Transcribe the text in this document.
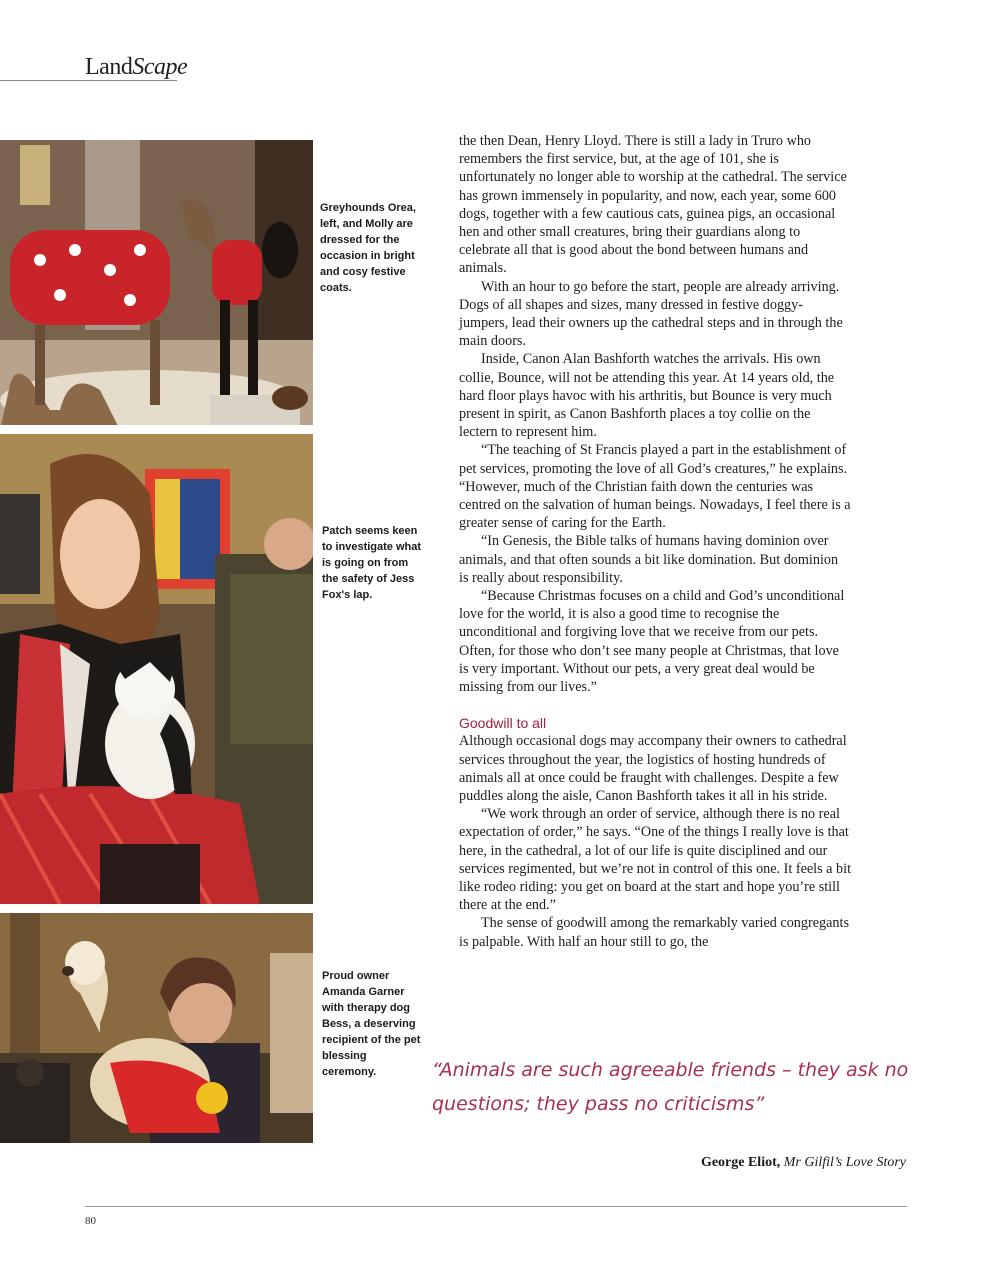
LandScape
Greyhounds Orea, left, and Molly are dressed for the occasion in bright and cosy festive coats.
Patch seems keen to investigate what is going on from the safety of Jess Fox's lap.
Proud owner Amanda Garner with therapy dog Bess, a deserving recipient of the pet blessing ceremony.

the then Dean, Henry Lloyd. There is still a lady in Truro who remembers the first service, but, at the age of 101, she is unfortunately no longer able to worship at the cathedral. The service has grown immensely in popularity, and now, each year, some 600 dogs, together with a few cautious cats, guinea pigs, an occasional hen and other small creatures, bring their guardians along to celebrate all that is good about the bond between humans and animals.

With an hour to go before the start, people are already arriving. Dogs of all shapes and sizes, many dressed in festive doggy-jumpers, lead their owners up the cathedral steps and in through the main doors.

Inside, Canon Alan Bashforth watches the arrivals. His own collie, Bounce, will not be attending this year. At 14 years old, the hard floor plays havoc with his arthritis, but Bounce is very much present in spirit, as Canon Bashforth places a toy collie on the lectern to represent him.

“The teaching of St Francis played a part in the establishment of pet services, promoting the love of all God’s creatures,” he explains. “However, much of the Christian faith down the centuries was centred on the salvation of human beings. Nowadays, I feel there is a greater sense of caring for the Earth.

“In Genesis, the Bible talks of humans having dominion over animals, and that often sounds a bit like domination. But dominion is really about responsibility.

“Because Christmas focuses on a child and God’s unconditional love for the world, it is also a good time to recognise the unconditional and forgiving love that we receive from our pets. Often, for those who don’t see many people at Christmas, that love is very important. Without our pets, a very great deal would be missing from our lives.”

Goodwill to all

Although occasional dogs may accompany their owners to cathedral services throughout the year, the logistics of hosting hundreds of animals all at once could be fraught with challenges. Despite a few puddles along the aisle, Canon Bashforth takes it all in his stride.

“We work through an order of service, although there is no real expectation of order,” he says. “One of the things I really love is that here, in the cathedral, a lot of our life is quite disciplined and our services regimented, but we’re not in control of this one. It feels a bit like rodeo riding: you get on board at the start and hope you’re still there at the end.”

The sense of goodwill among the remarkably varied congregants is palpable. With half an hour still to go, the

“Animals are such agreeable friends – they ask no questions; they pass no criticisms”
George Eliot, Mr Gilfil’s Love Story
80
